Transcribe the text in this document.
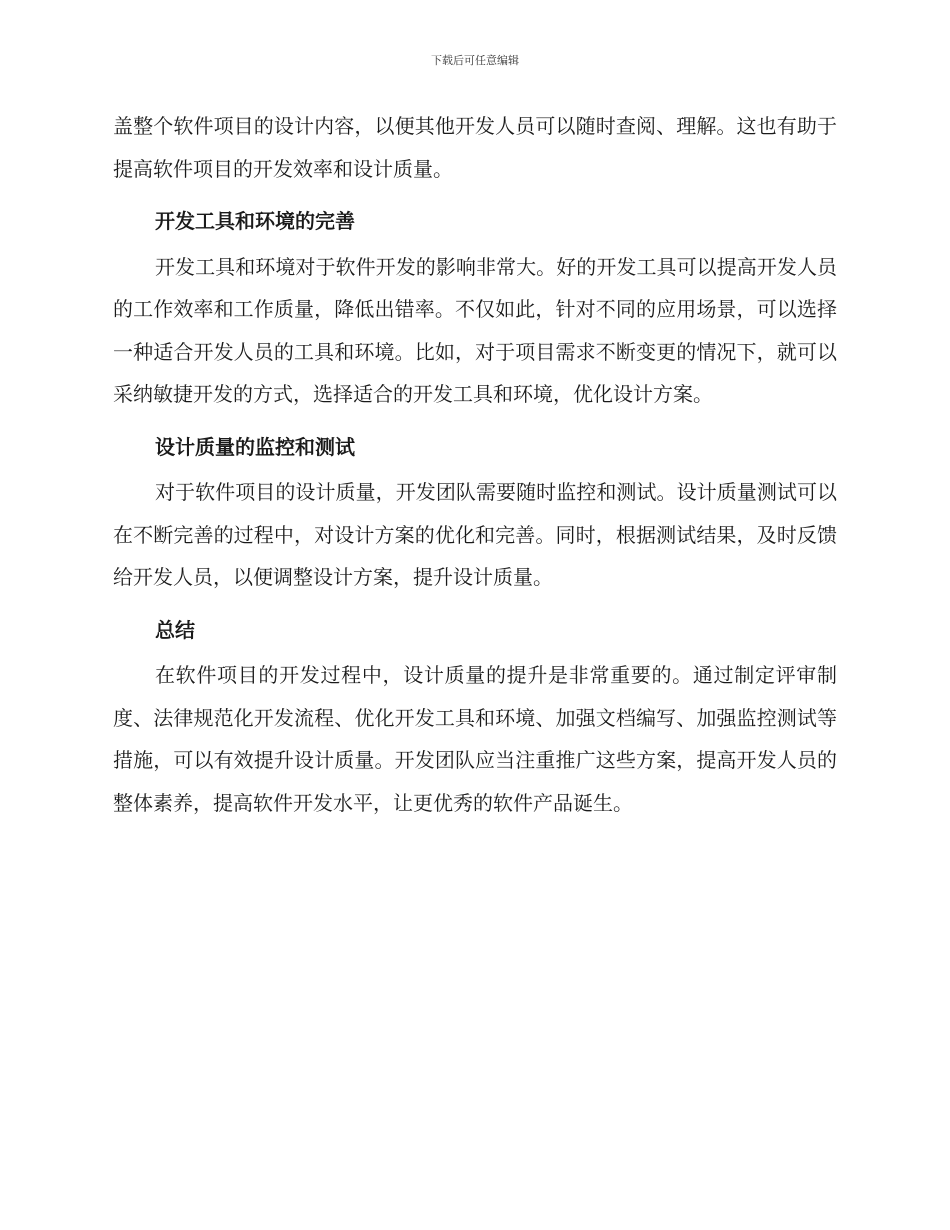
下载后可任意编辑

盖整个软件项目的设计内容，以便其他开发人员可以随时查阅、理解。这也有助于提高软件项目的开发效率和设计质量。

开发工具和环境的完善

开发工具和环境对于软件开发的影响非常大。好的开发工具可以提高开发人员的工作效率和工作质量，降低出错率。不仅如此，针对不同的应用场景，可以选择一种适合开发人员的工具和环境。比如，对于项目需求不断变更的情况下，就可以采纳敏捷开发的方式，选择适合的开发工具和环境，优化设计方案。

设计质量的监控和测试

对于软件项目的设计质量，开发团队需要随时监控和测试。设计质量测试可以在不断完善的过程中，对设计方案的优化和完善。同时，根据测试结果，及时反馈给开发人员，以便调整设计方案，提升设计质量。

总结

在软件项目的开发过程中，设计质量的提升是非常重要的。通过制定评审制度、法律规范化开发流程、优化开发工具和环境、加强文档编写、加强监控测试等措施，可以有效提升设计质量。开发团队应当注重推广这些方案，提高开发人员的整体素养，提高软件开发水平，让更优秀的软件产品诞生。
